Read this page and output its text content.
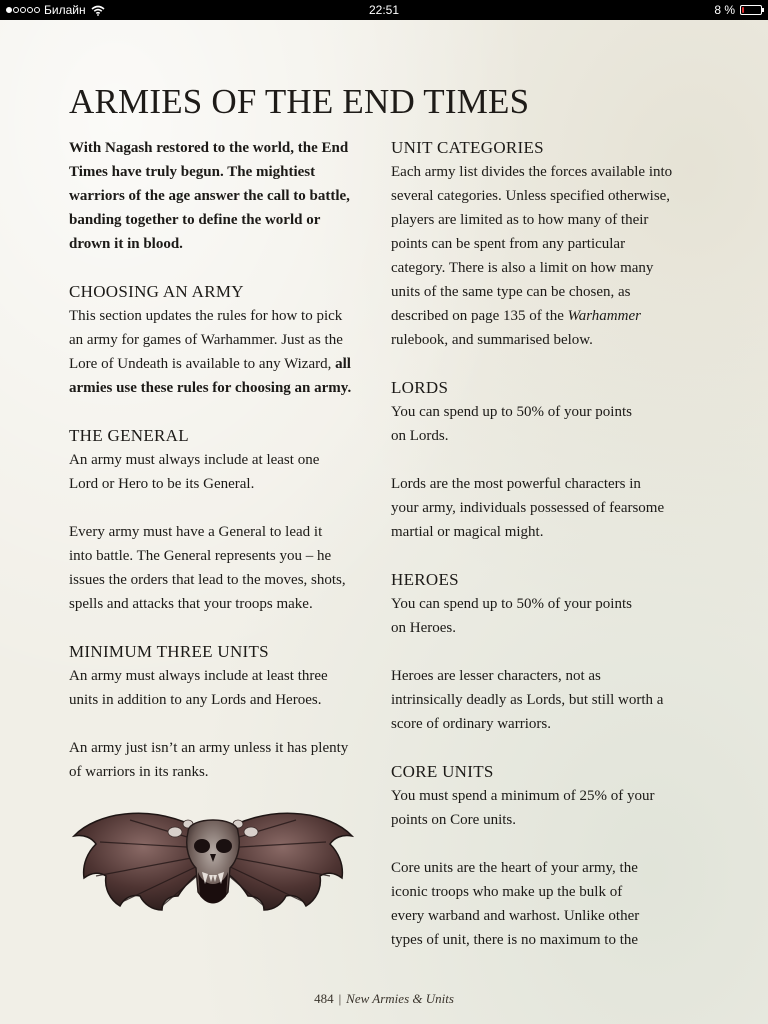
Билайн	22:51	8 %
ARMIES OF THE END TIMES

With Nagash restored to the world, the End

Times have truly begun. The mightiest

warriors of the age answer the call to battle,

banding together to define the world or

drown it in blood.

CHOOSING AN ARMY

This section updates the rules for how to pick

an army for games of Warhammer. Just as the

Lore of Undeath is available to any Wizard, all

armies use these rules for choosing an army.

THE GENERAL

An army must always include at least one

Lord or Hero to be its General.

Every army must have a General to lead it

into battle. The General represents you – he

issues the orders that lead to the moves, shots,

spells and attacks that your troops make.

MINIMUM THREE UNITS

An army must always include at least three

units in addition to any Lords and Heroes.

An army just isn’t an army unless it has plenty

of warriors in its ranks.

UNIT CATEGORIES

Each army list divides the forces available into

several categories. Unless specified otherwise,

players are limited as to how many of their

points can be spent from any particular

category. There is also a limit on how many

units of the same type can be chosen, as

described on page 135 of the Warhammer

rulebook, and summarised below.

LORDS

You can spend up to 50% of your points

on Lords.

Lords are the most powerful characters in

your army, individuals possessed of fearsome

martial or magical might.

HEROES

You can spend up to 50% of your points

on Heroes.

Heroes are lesser characters, not as

intrinsically deadly as Lords, but still worth a

score of ordinary warriors.

CORE UNITS

You must spend a minimum of 25% of your

points on Core units.

Core units are the heart of your army, the

iconic troops who make up the bulk of

every warband and warhost. Unlike other

types of unit, there is no maximum to the

484 | New Armies & Units
